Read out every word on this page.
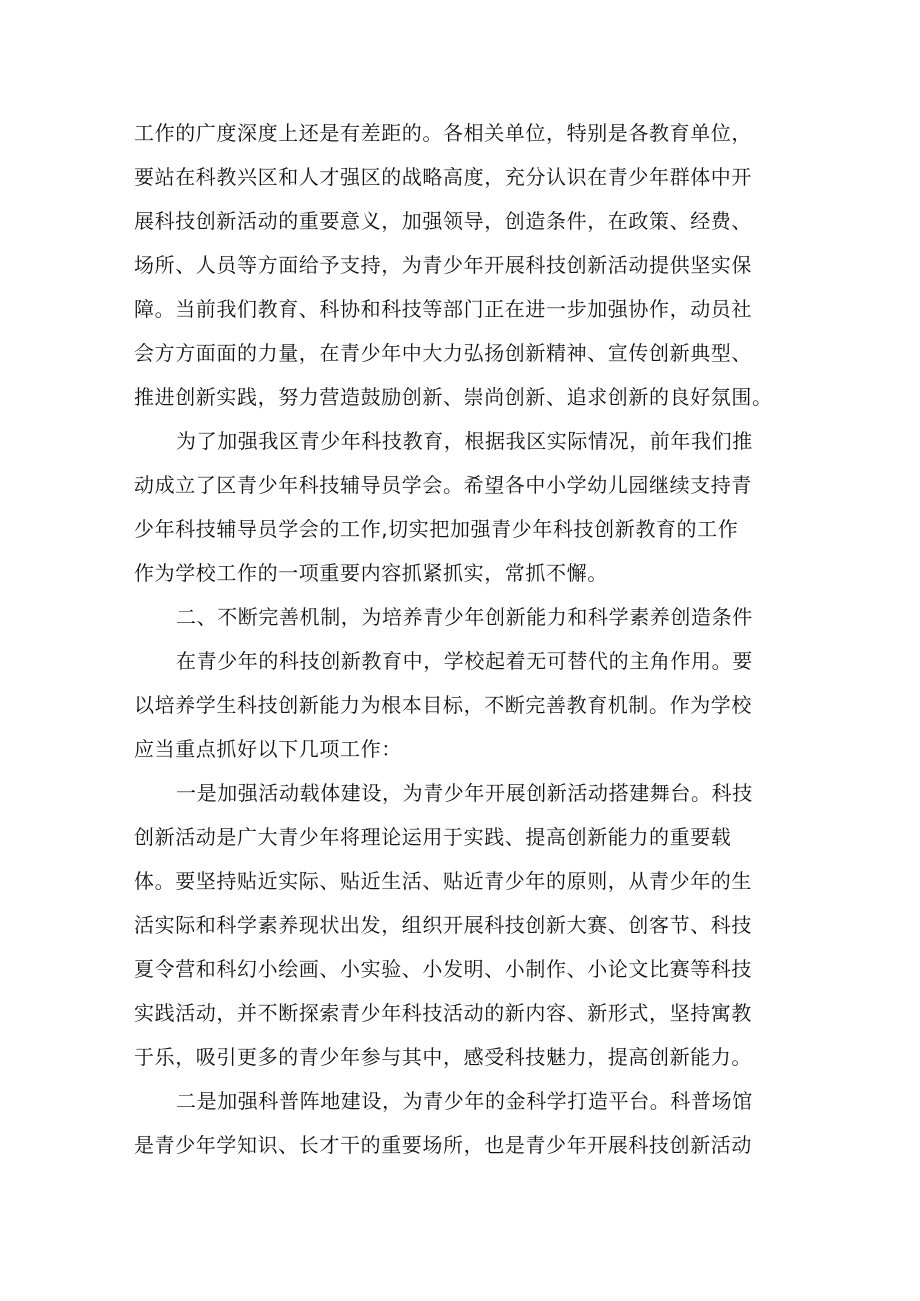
工作的广度深度上还是有差距的。各相关单位，特别是各教育单位，
要站在科教兴区和人才强区的战略高度，充分认识在青少年群体中开
展科技创新活动的重要意义，加强领导，创造条件，在政策、经费、
场所、人员等方面给予支持，为青少年开展科技创新活动提供坚实保
障。当前我们教育、科协和科技等部门正在进一步加强协作，动员社
会方方面面的力量，在青少年中大力弘扬创新精神、宣传创新典型、
推进创新实践，努力营造鼓励创新、崇尚创新、追求创新的良好氛围。
为了加强我区青少年科技教育，根据我区实际情况，前年我们推
动成立了区青少年科技辅导员学会。希望各中小学幼儿园继续支持青
少年科技辅导员学会的工作,切实把加强青少年科技创新教育的工作
作为学校工作的一项重要内容抓紧抓实，常抓不懈。
二、不断完善机制，为培养青少年创新能力和科学素养创造条件
在青少年的科技创新教育中，学校起着无可替代的主角作用。要
以培养学生科技创新能力为根本目标，不断完善教育机制。作为学校
应当重点抓好以下几项工作：
一是加强活动载体建设，为青少年开展创新活动搭建舞台。科技
创新活动是广大青少年将理论运用于实践、提高创新能力的重要载
体。要坚持贴近实际、贴近生活、贴近青少年的原则，从青少年的生
活实际和科学素养现状出发，组织开展科技创新大赛、创客节、科技
夏令营和科幻小绘画、小实验、小发明、小制作、小论文比赛等科技
实践活动，并不断探索青少年科技活动的新内容、新形式，坚持寓教
于乐，吸引更多的青少年参与其中，感受科技魅力，提高创新能力。
二是加强科普阵地建设，为青少年的金科学打造平台。科普场馆
是青少年学知识、长才干的重要场所，也是青少年开展科技创新活动
